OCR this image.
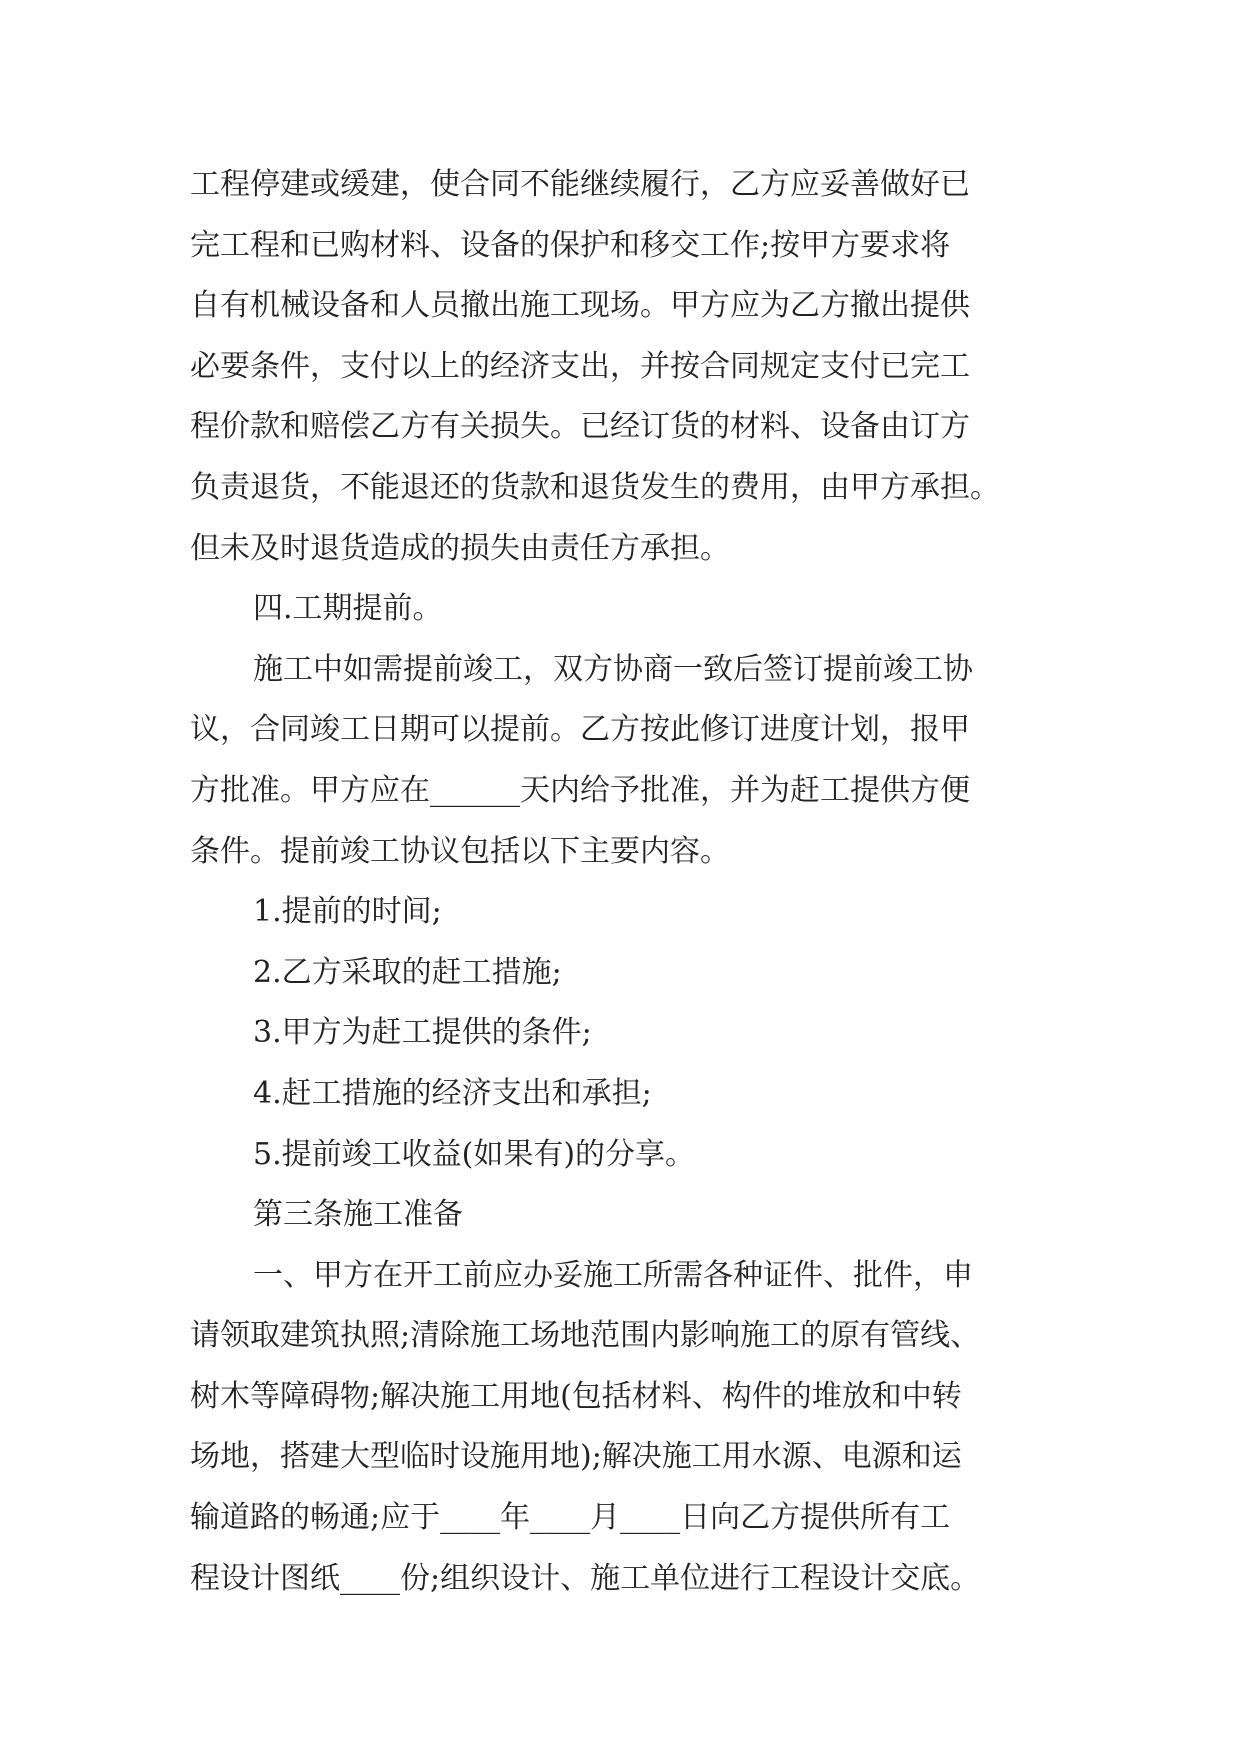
工程停建或缓建，使合同不能继续履行，乙方应妥善做好已
完工程和已购材料、设备的保护和移交工作;按甲方要求将
自有机械设备和人员撤出施工现场。甲方应为乙方撤出提供
必要条件，支付以上的经济支出，并按合同规定支付已完工
程价款和赔偿乙方有关损失。已经订货的材料、设备由订方
负责退货，不能退还的货款和退货发生的费用，由甲方承担。
但未及时退货造成的损失由责任方承担。
四.工期提前。
施工中如需提前竣工，双方协商一致后签订提前竣工协
议，合同竣工日期可以提前。乙方按此修订进度计划，报甲
方批准。甲方应在______天内给予批准，并为赶工提供方便
条件。提前竣工协议包括以下主要内容。
1.提前的时间;
2.乙方采取的赶工措施;
3.甲方为赶工提供的条件;
4.赶工措施的经济支出和承担;
5.提前竣工收益(如果有)的分享。
第三条施工准备
一、甲方在开工前应办妥施工所需各种证件、批件，申
请领取建筑执照;清除施工场地范围内影响施工的原有管线、
树木等障碍物;解决施工用地(包括材料、构件的堆放和中转
场地，搭建大型临时设施用地);解决施工用水源、电源和运
输道路的畅通;应于____年____月____日向乙方提供所有工
程设计图纸____份;组织设计、施工单位进行工程设计交底。
